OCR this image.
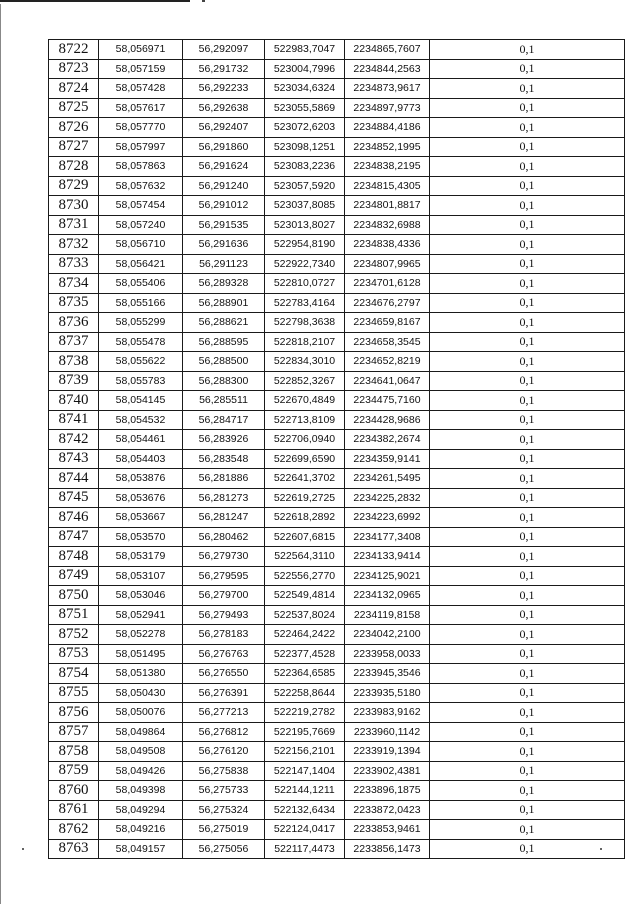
8722	58,056971	56,292097	522983,7047	2234865,7607	0,1
8723	58,057159	56,291732	523004,7996	2234844,2563	0,1
8724	58,057428	56,292233	523034,6324	2234873,9617	0,1
8725	58,057617	56,292638	523055,5869	2234897,9773	0,1
8726	58,057770	56,292407	523072,6203	2234884,4186	0,1
8727	58,057997	56,291860	523098,1251	2234852,1995	0,1
8728	58,057863	56,291624	523083,2236	2234838,2195	0,1
8729	58,057632	56,291240	523057,5920	2234815,4305	0,1
8730	58,057454	56,291012	523037,8085	2234801,8817	0,1
8731	58,057240	56,291535	523013,8027	2234832,6988	0,1
8732	58,056710	56,291636	522954,8190	2234838,4336	0,1
8733	58,056421	56,291123	522922,7340	2234807,9965	0,1
8734	58,055406	56,289328	522810,0727	2234701,6128	0,1
8735	58,055166	56,288901	522783,4164	2234676,2797	0,1
8736	58,055299	56,288621	522798,3638	2234659,8167	0,1
8737	58,055478	56,288595	522818,2107	2234658,3545	0,1
8738	58,055622	56,288500	522834,3010	2234652,8219	0,1
8739	58,055783	56,288300	522852,3267	2234641,0647	0,1
8740	58,054145	56,285511	522670,4849	2234475,7160	0,1
8741	58,054532	56,284717	522713,8109	2234428,9686	0,1
8742	58,054461	56,283926	522706,0940	2234382,2674	0,1
8743	58,054403	56,283548	522699,6590	2234359,9141	0,1
8744	58,053876	56,281886	522641,3702	2234261,5495	0,1
8745	58,053676	56,281273	522619,2725	2234225,2832	0,1
8746	58,053667	56,281247	522618,2892	2234223,6992	0,1
8747	58,053570	56,280462	522607,6815	2234177,3408	0,1
8748	58,053179	56,279730	522564,3110	2234133,9414	0,1
8749	58,053107	56,279595	522556,2770	2234125,9021	0,1
8750	58,053046	56,279700	522549,4814	2234132,0965	0,1
8751	58,052941	56,279493	522537,8024	2234119,8158	0,1
8752	58,052278	56,278183	522464,2422	2234042,2100	0,1
8753	58,051495	56,276763	522377,4528	2233958,0033	0,1
8754	58,051380	56,276550	522364,6585	2233945,3546	0,1
8755	58,050430	56,276391	522258,8644	2233935,5180	0,1
8756	58,050076	56,277213	522219,2782	2233983,9162	0,1
8757	58,049864	56,276812	522195,7669	2233960,1142	0,1
8758	58,049508	56,276120	522156,2101	2233919,1394	0,1
8759	58,049426	56,275838	522147,1404	2233902,4381	0,1
8760	58,049398	56,275733	522144,1211	2233896,1875	0,1
8761	58,049294	56,275324	522132,6434	2233872,0423	0,1
8762	58,049216	56,275019	522124,0417	2233853,9461	0,1
8763	58,049157	56,275056	522117,4473	2233856,1473	0,1
